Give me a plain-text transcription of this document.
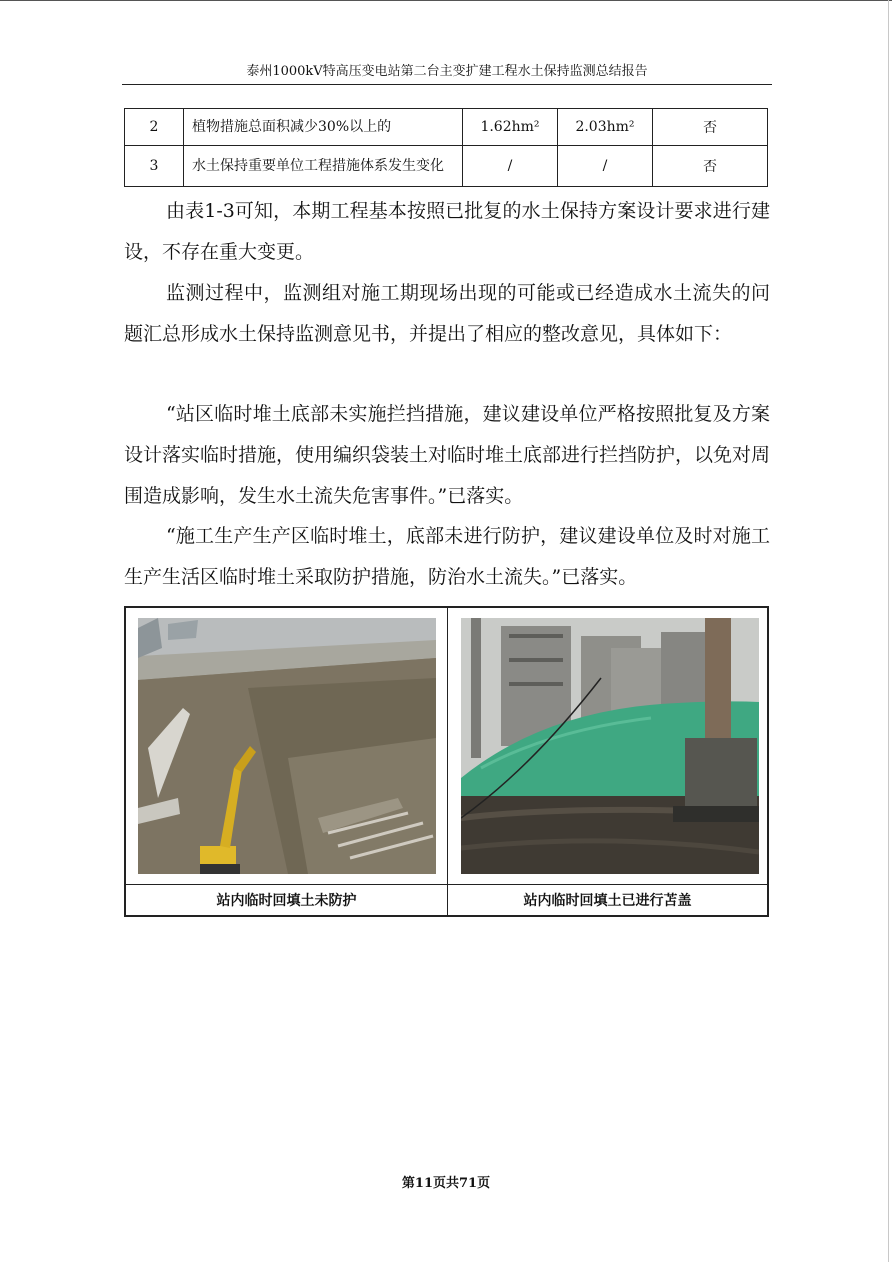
泰州1000kV特高压变电站第二台主变扩建工程水土保持监测总结报告
2	植物措施总面积减少30%以上的	1.62hm²	2.03hm²	否
3	水土保持重要单位工程措施体系发生变化	/	/	否

由表1-3可知，本期工程基本按照已批复的水土保持方案设计要求进行建设，不存在重大变更。

监测过程中，监测组对施工期现场出现的可能或已经造成水土流失的问题汇总形成水土保持监测意见书，并提出了相应的整改意见，具体如下：

“站区临时堆土底部未实施拦挡措施，建议建设单位严格按照批复及方案设计落实临时措施，使用编织袋装土对临时堆土底部进行拦挡防护，以免对周围造成影响，发生水土流失危害事件。”已落实。

“施工生产生产区临时堆土，底部未进行防护，建议建设单位及时对施工生产生活区临时堆土采取防护措施，防治水土流失。”已落实。

站内临时回填土未防护	站内临时回填土已进行苫盖
第11页共71页
